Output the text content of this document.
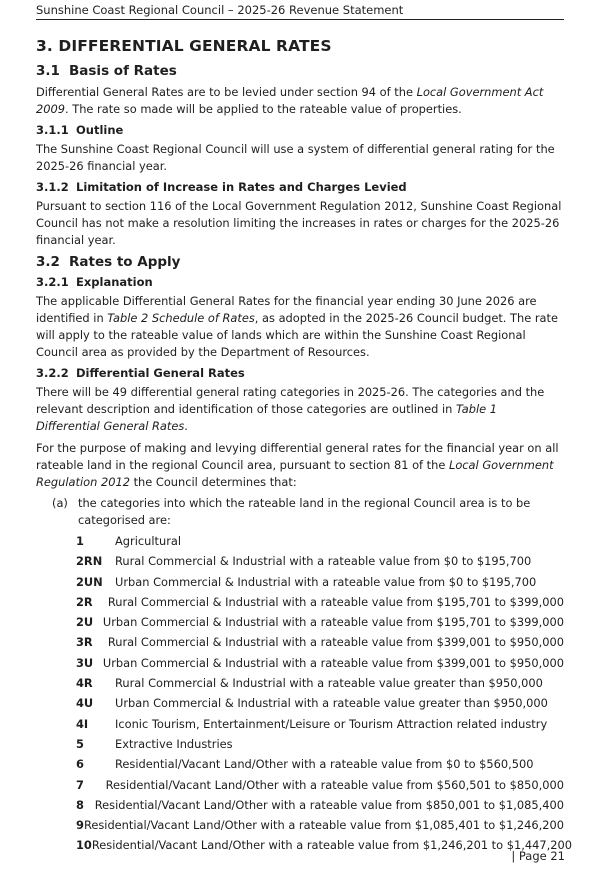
Sunshine Coast Regional Council – 2025-26 Revenue Statement
3. DIFFERENTIAL GENERAL RATES
3.1 Basis of Rates
Differential General Rates are to be levied under section 94 of the Local Government Act 2009. The rate so made will be applied to the rateable value of properties.
3.1.1 Outline
The Sunshine Coast Regional Council will use a system of differential general rating for the 2025-26 financial year.
3.1.2 Limitation of Increase in Rates and Charges Levied
Pursuant to section 116 of the Local Government Regulation 2012, Sunshine Coast Regional Council has not make a resolution limiting the increases in rates or charges for the 2025-26 financial year.
3.2 Rates to Apply
3.2.1 Explanation
The applicable Differential General Rates for the financial year ending 30 June 2026 are identified in Table 2 Schedule of Rates, as adopted in the 2025-26 Council budget. The rate will apply to the rateable value of lands which are within the Sunshine Coast Regional Council area as provided by the Department of Resources.
3.2.2 Differential General Rates
There will be 49 differential general rating categories in 2025-26. The categories and the relevant description and identification of those categories are outlined in Table 1 Differential General Rates.
For the purpose of making and levying differential general rates for the financial year on all rateable land in the regional Council area, pursuant to section 81 of the Local Government Regulation 2012 the Council determines that:
(a) the categories into which the rateable land in the regional Council area is to be categorised are:
1	Agricultural
2RN	Rural Commercial & Industrial with a rateable value from $0 to $195,700
2UN	Urban Commercial & Industrial with a rateable value from $0 to $195,700
2R	Rural Commercial & Industrial with a rateable value from $195,701 to $399,000
2U Urban Commercial & Industrial with a rateable value from $195,701 to $399,000
3R	Rural Commercial & Industrial with a rateable value from $399,001 to $950,000
3U Urban Commercial & Industrial with a rateable value from $399,001 to $950,000
4R	Rural Commercial & Industrial with a rateable value greater than $950,000
4U	Urban Commercial & Industrial with a rateable value greater than $950,000
4I	Iconic Tourism, Entertainment/Leisure or Tourism Attraction related industry
5	Extractive Industries
6	Residential/Vacant Land/Other with a rateable value from $0 to $560,500
7	Residential/Vacant Land/Other with a rateable value from $560,501 to $850,000
8 Residential/Vacant Land/Other with a rateable value from $850,001 to $1,085,400
9 Residential/Vacant Land/Other with a rateable value from $1,085,401 to $1,246,200
10 Residential/Vacant Land/Other with a rateable value from $1,246,201 to $1,447,200
| Page 21
